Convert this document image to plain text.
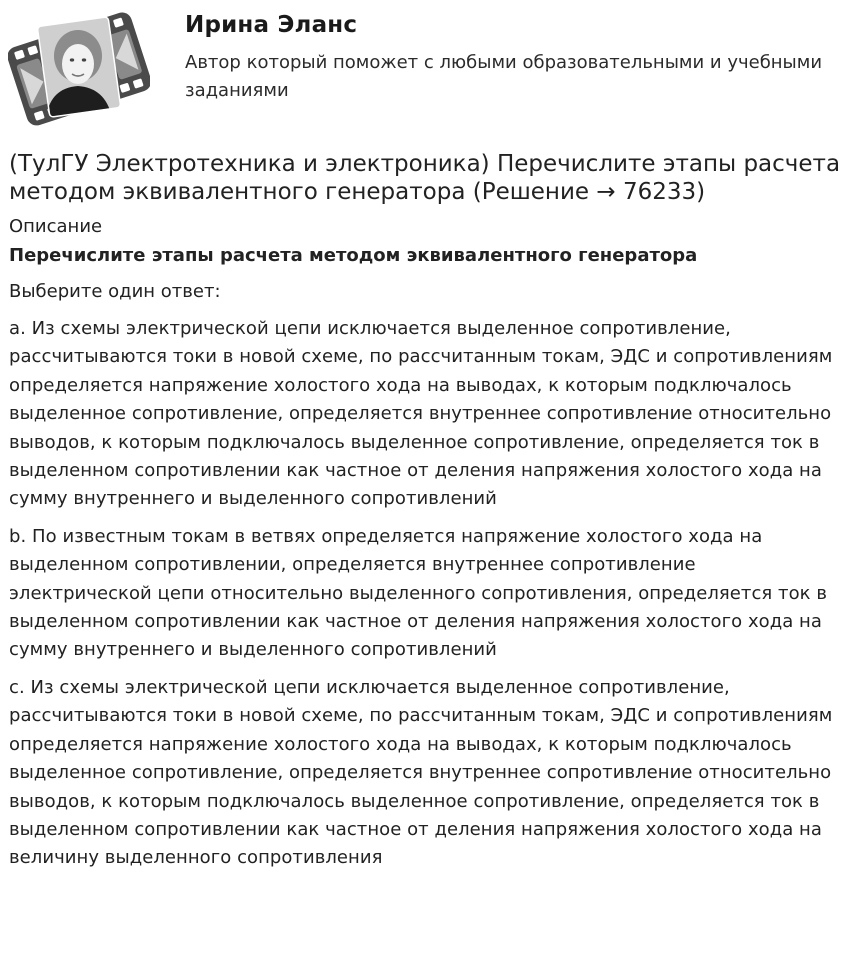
Ирина Эланс
Автор который поможет с любыми образовательными и учебными заданиями
(ТулГУ Электротехника и электроника) Перечислите этапы расчета методом эквивалентного генератора (Решение → 76233)
Описание
Перечислите этапы расчета методом эквивалентного генератора
Выберите один ответ:
a. Из схемы электрической цепи исключается выделенное сопротивление, рассчитываются токи в новой схеме, по рассчитанным токам, ЭДС и сопротивлениям определяется напряжение холостого хода на выводах, к которым подключалось выделенное сопротивление, определяется внутреннее сопротивление относительно выводов, к которым подключалось выделенное сопротивление, определяется ток в выделенном сопротивлении как частное от деления напряжения холостого хода на сумму внутреннего и выделенного сопротивлений
b. По известным токам в ветвях определяется напряжение холостого хода на выделенном сопротивлении, определяется внутреннее сопротивление электрической цепи относительно выделенного сопротивления, определяется ток в выделенном сопротивлении как частное от деления напряжения холостого хода на сумму внутреннего и выделенного сопротивлений
c. Из схемы электрической цепи исключается выделенное сопротивление, рассчитываются токи в новой схеме, по рассчитанным токам, ЭДС и сопротивлениям определяется напряжение холостого хода на выводах, к которым подключалось выделенное сопротивление, определяется внутреннее сопротивление относительно выводов, к которым подключалось выделенное сопротивление, определяется ток в выделенном сопротивлении как частное от деления напряжения холостого хода на величину выделенного сопротивления
